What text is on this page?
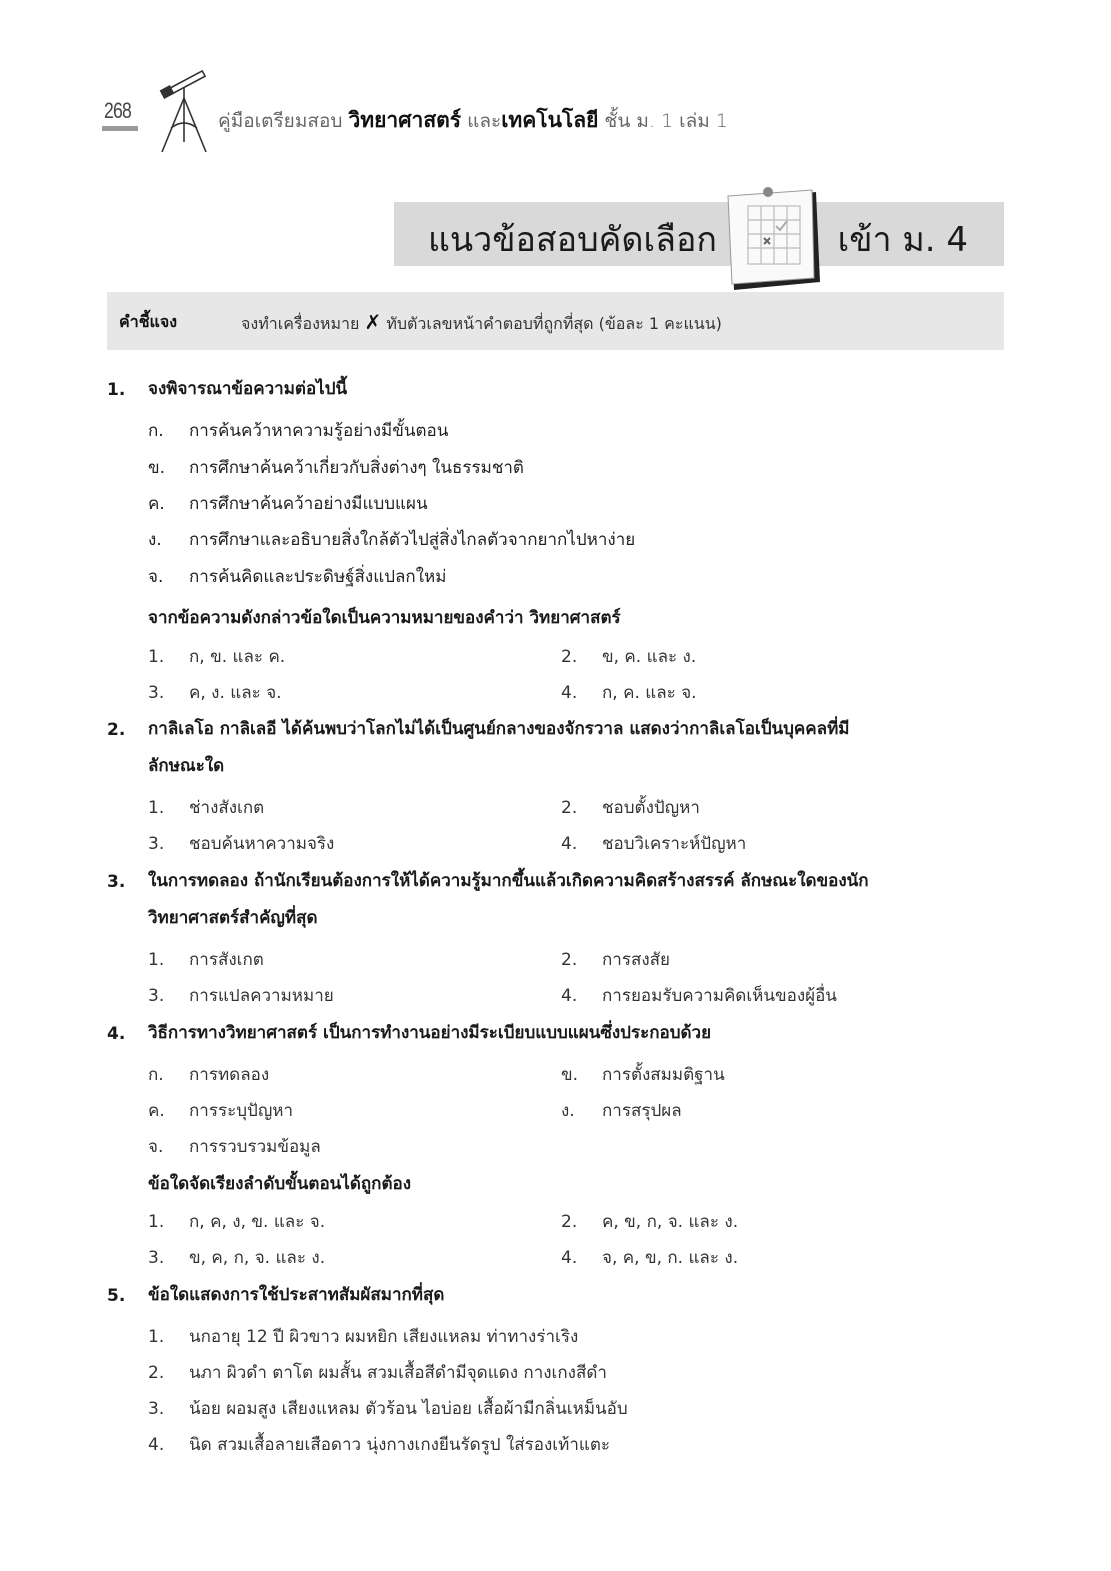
268	คู่มือเตรียมสอบ วิทยาศาสตร์ และเทคโนโลยี ชั้น ม. 1 เล่ม 1
แนวข้อสอบคัดเลือก	เข้า ม. 4
คำชี้แจง	จงทำเครื่องหมาย ✗ ทับตัวเลขหน้าคำตอบที่ถูกที่สุด (ข้อละ 1 คะแนน)
1. จงพิจารณาข้อความต่อไปนี้
ก. การค้นคว้าหาความรู้อย่างมีขั้นตอน
ข. การศึกษาค้นคว้าเกี่ยวกับสิ่งต่างๆ ในธรรมชาติ
ค. การศึกษาค้นคว้าอย่างมีแบบแผน
ง. การศึกษาและอธิบายสิ่งใกล้ตัวไปสู่สิ่งไกลตัวจากยากไปหาง่าย
จ. การค้นคิดและประดิษฐ์สิ่งแปลกใหม่
จากข้อความดังกล่าวข้อใดเป็นความหมายของคำว่า วิทยาศาสตร์
1. ก, ข. และ ค.	2. ข, ค. และ ง.
3. ค, ง. และ จ.	4. ก, ค. และ จ.
2. กาลิเลโอ กาลิเลอี ได้ค้นพบว่าโลกไม่ได้เป็นศูนย์กลางของจักรวาล แสดงว่ากาลิเลโอเป็นบุคคลที่มี
ลักษณะใด
1. ช่างสังเกต	2. ชอบตั้งปัญหา
3. ชอบค้นหาความจริง	4. ชอบวิเคราะห์ปัญหา
3. ในการทดลอง ถ้านักเรียนต้องการให้ได้ความรู้มากขึ้นแล้วเกิดความคิดสร้างสรรค์ ลักษณะใดของนัก
วิทยาศาสตร์สำคัญที่สุด
1. การสังเกต	2. การสงสัย
3. การแปลความหมาย	4. การยอมรับความคิดเห็นของผู้อื่น
4. วิธีการทางวิทยาศาสตร์ เป็นการทำงานอย่างมีระเบียบแบบแผนซึ่งประกอบด้วย
ก. การทดลอง	ข. การตั้งสมมติฐาน
ค. การระบุปัญหา	ง. การสรุปผล
จ. การรวบรวมข้อมูล
ข้อใดจัดเรียงลำดับขั้นตอนได้ถูกต้อง
1. ก, ค, ง, ข. และ จ.	2. ค, ข, ก, จ. และ ง.
3. ข, ค, ก, จ. และ ง.	4. จ, ค, ข, ก. และ ง.
5. ข้อใดแสดงการใช้ประสาทสัมผัสมากที่สุด
1. นกอายุ 12 ปี ผิวขาว ผมหยิก เสียงแหลม ท่าทางร่าเริง
2. นภา ผิวดำ ตาโต ผมสั้น สวมเสื้อสีดำมีจุดแดง กางเกงสีดำ
3. น้อย ผอมสูง เสียงแหลม ตัวร้อน ไอบ่อย เสื้อผ้ามีกลิ่นเหม็นอับ
4. นิด สวมเสื้อลายเสือดาว นุ่งกางเกงยีนรัดรูป ใส่รองเท้าแตะ
